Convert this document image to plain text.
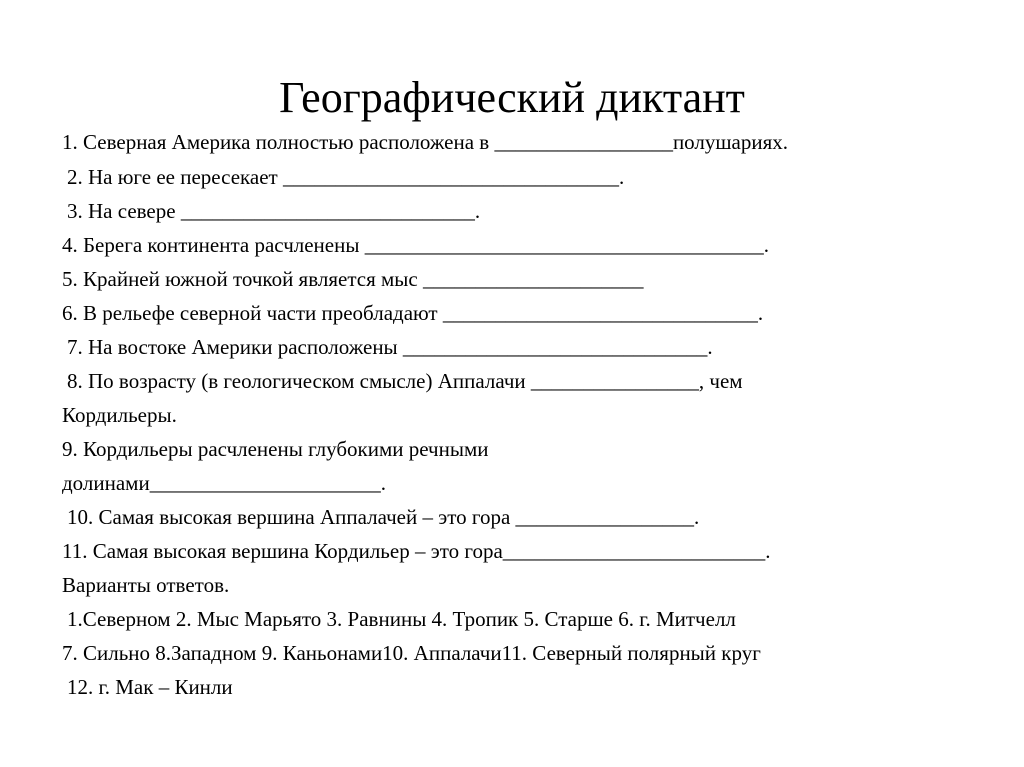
Географический диктант
1. Северная Америка полностью расположена в _________________полушариях.
2. На юге ее пересекает ________________________________.
3. На севере ____________________________.
4. Берега континента расчленены ______________________________________.
5. Крайней южной точкой является мыс _____________________
6. В рельефе северной части преобладают ______________________________.
7. На востоке Америки расположены _____________________________.
8. По возрасту (в геологическом смысле) Аппалачи ________________, чем
Кордильеры.
9. Кордильеры расчленены глубокими речными
долинами______________________.
10. Самая высокая вершина Аппалачей – это гора _________________.
11. Самая высокая вершина Кордильер – это гора_________________________.
Варианты ответов.
1.Северном 2. Мыс Марьято 3. Равнины 4. Тропик 5. Старше 6. г. Митчелл
7. Сильно 8.Западном 9. Каньонами10. Аппалачи11. Северный полярный круг
12. г. Мак – Кинли
